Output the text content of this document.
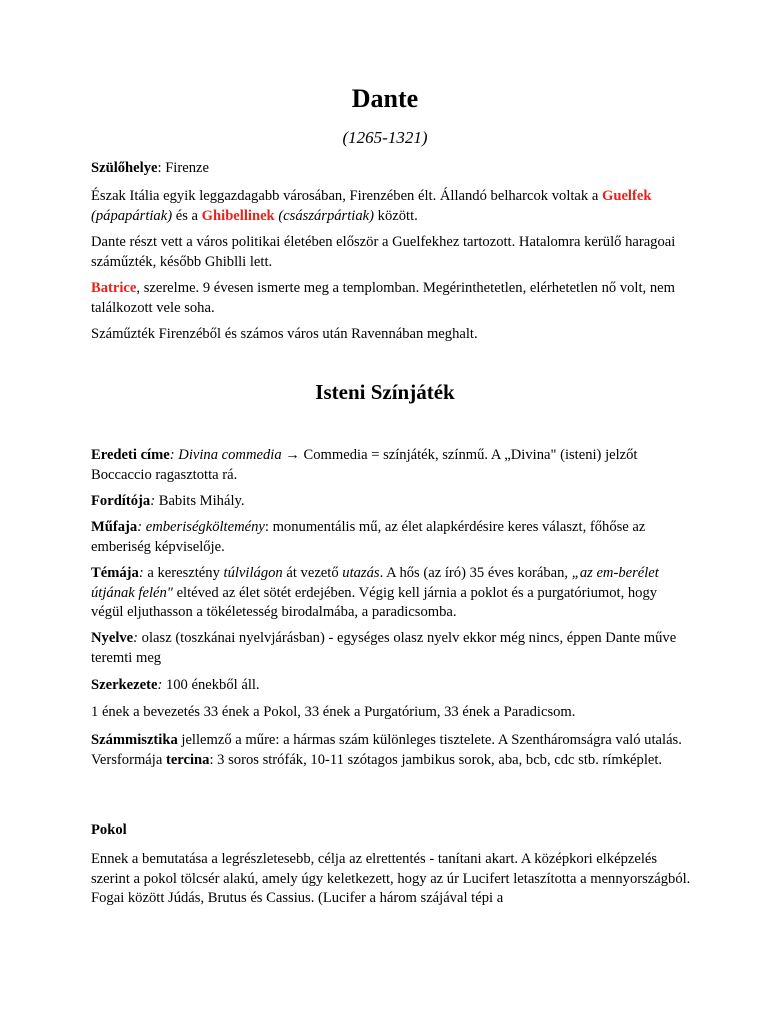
Dante

(1265-1321)

Szülőhelye: Firenze

Észak Itália egyik leggazdagabb városában, Firenzében élt. Állandó belharcok voltak a Guelfek (pápapártiak) és a Ghibellinek (császárpártiak) között.

Dante részt vett a város politikai életében először a Guelfekhez tartozott. Hatalomra kerülő haragoai száműzték, később Ghiblli lett.

Batrice, szerelme. 9 évesen ismerte meg a templomban. Megérinthetetlen, elérhetetlen nő volt, nem találkozott vele soha.

Száműzték Firenzéből és számos város után Ravennában meghalt.

Isteni Színjáték

Eredeti címe: Divina commedia → Commedia = színjáték, színmű. A „Divina" (isteni) jelzőt Boccaccio ragasztotta rá.

Fordítója: Babits Mihály.

Műfaja: emberiségköltemény: monumentális mű, az élet alapkérdésire keres választ, főhőse az emberiség képviselője.

Témája: a keresztény túlvilágon át vezető utazás. A hős (az író) 35 éves korában, „az em-berélet útjának felén" eltéved az élet sötét erdejében. Végig kell járnia a poklot és a purgatóriumot, hogy végül eljuthasson a tökéletesség birodalmába, a paradicsomba.

Nyelve: olasz (toszkánai nyelvjárásban) - egységes olasz nyelv ekkor még nincs, éppen Dante műve teremti meg

Szerkezete: 100 énekből áll.

1 ének a bevezetés 33 ének a Pokol, 33 ének a Purgatórium, 33 ének a Paradicsom.

Számmisztika jellemző a műre: a hármas szám különleges tisztelete. A Szentháromságra való utalás. Versformája tercina: 3 soros strófák, 10-11 szótagos jambikus sorok, aba, bcb, cdc stb. rímképlet.

Pokol

Ennek a bemutatása a legrészletesebb, célja az elrettentés - tanítani akart. A középkori elképzelés szerint a pokol tölcsér alakú, amely úgy keletkezett, hogy az úr Lucifert letaszította a mennyországból. Fogai között Júdás, Brutus és Cassius. (Lucifer a három szájával tépi a
